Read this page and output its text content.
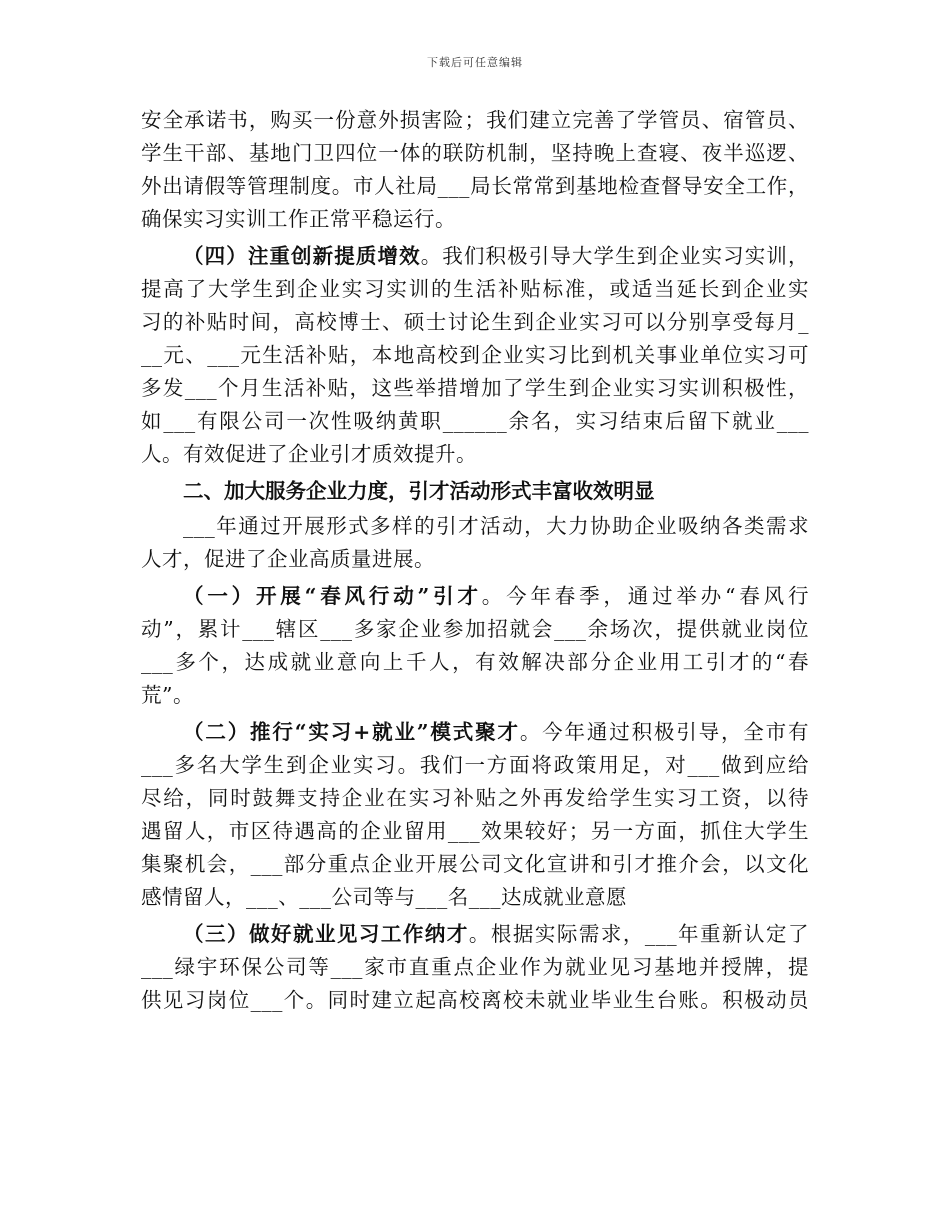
下载后可任意编辑
安全承诺书，购买一份意外损害险；我们建立完善了学管员、宿管员、
学生干部、基地门卫四位一体的联防机制，坚持晚上查寝、夜半巡逻、
外出请假等管理制度。市人社局___局长常常到基地检查督导安全工作，
确保实习实训工作正常平稳运行。
（四）注重创新提质增效。我们积极引导大学生到企业实习实训，
提高了大学生到企业实习实训的生活补贴标准，或适当延长到企业实
习的补贴时间，高校博士、硕士讨论生到企业实习可以分别享受每月_
__元、___元生活补贴，本地高校到企业实习比到机关事业单位实习可
多发___个月生活补贴，这些举措增加了学生到企业实习实训积极性，
如___有限公司一次性吸纳黄职______余名，实习结束后留下就业___
人。有效促进了企业引才质效提升。
二、加大服务企业力度，引才活动形式丰富收效明显
___年通过开展形式多样的引才活动，大力协助企业吸纳各类需求
人才，促进了企业高质量进展。
（一）开展“春风行动”引才。今年春季，通过举办“春风行
动”，累计___辖区___多家企业参加招就会___余场次，提供就业岗位
___多个，达成就业意向上千人，有效解决部分企业用工引才的“春
荒”。
（二）推行“实习+就业”模式聚才。今年通过积极引导，全市有
___多名大学生到企业实习。我们一方面将政策用足，对___做到应给
尽给，同时鼓舞支持企业在实习补贴之外再发给学生实习工资，以待
遇留人，市区待遇高的企业留用___效果较好；另一方面，抓住大学生
集聚机会，___部分重点企业开展公司文化宣讲和引才推介会，以文化
感情留人，___、___公司等与___名___达成就业意愿
（三）做好就业见习工作纳才。根据实际需求，___年重新认定了
___绿宇环保公司等___家市直重点企业作为就业见习基地并授牌，提
供见习岗位___个。同时建立起高校离校未就业毕业生台账。积极动员
